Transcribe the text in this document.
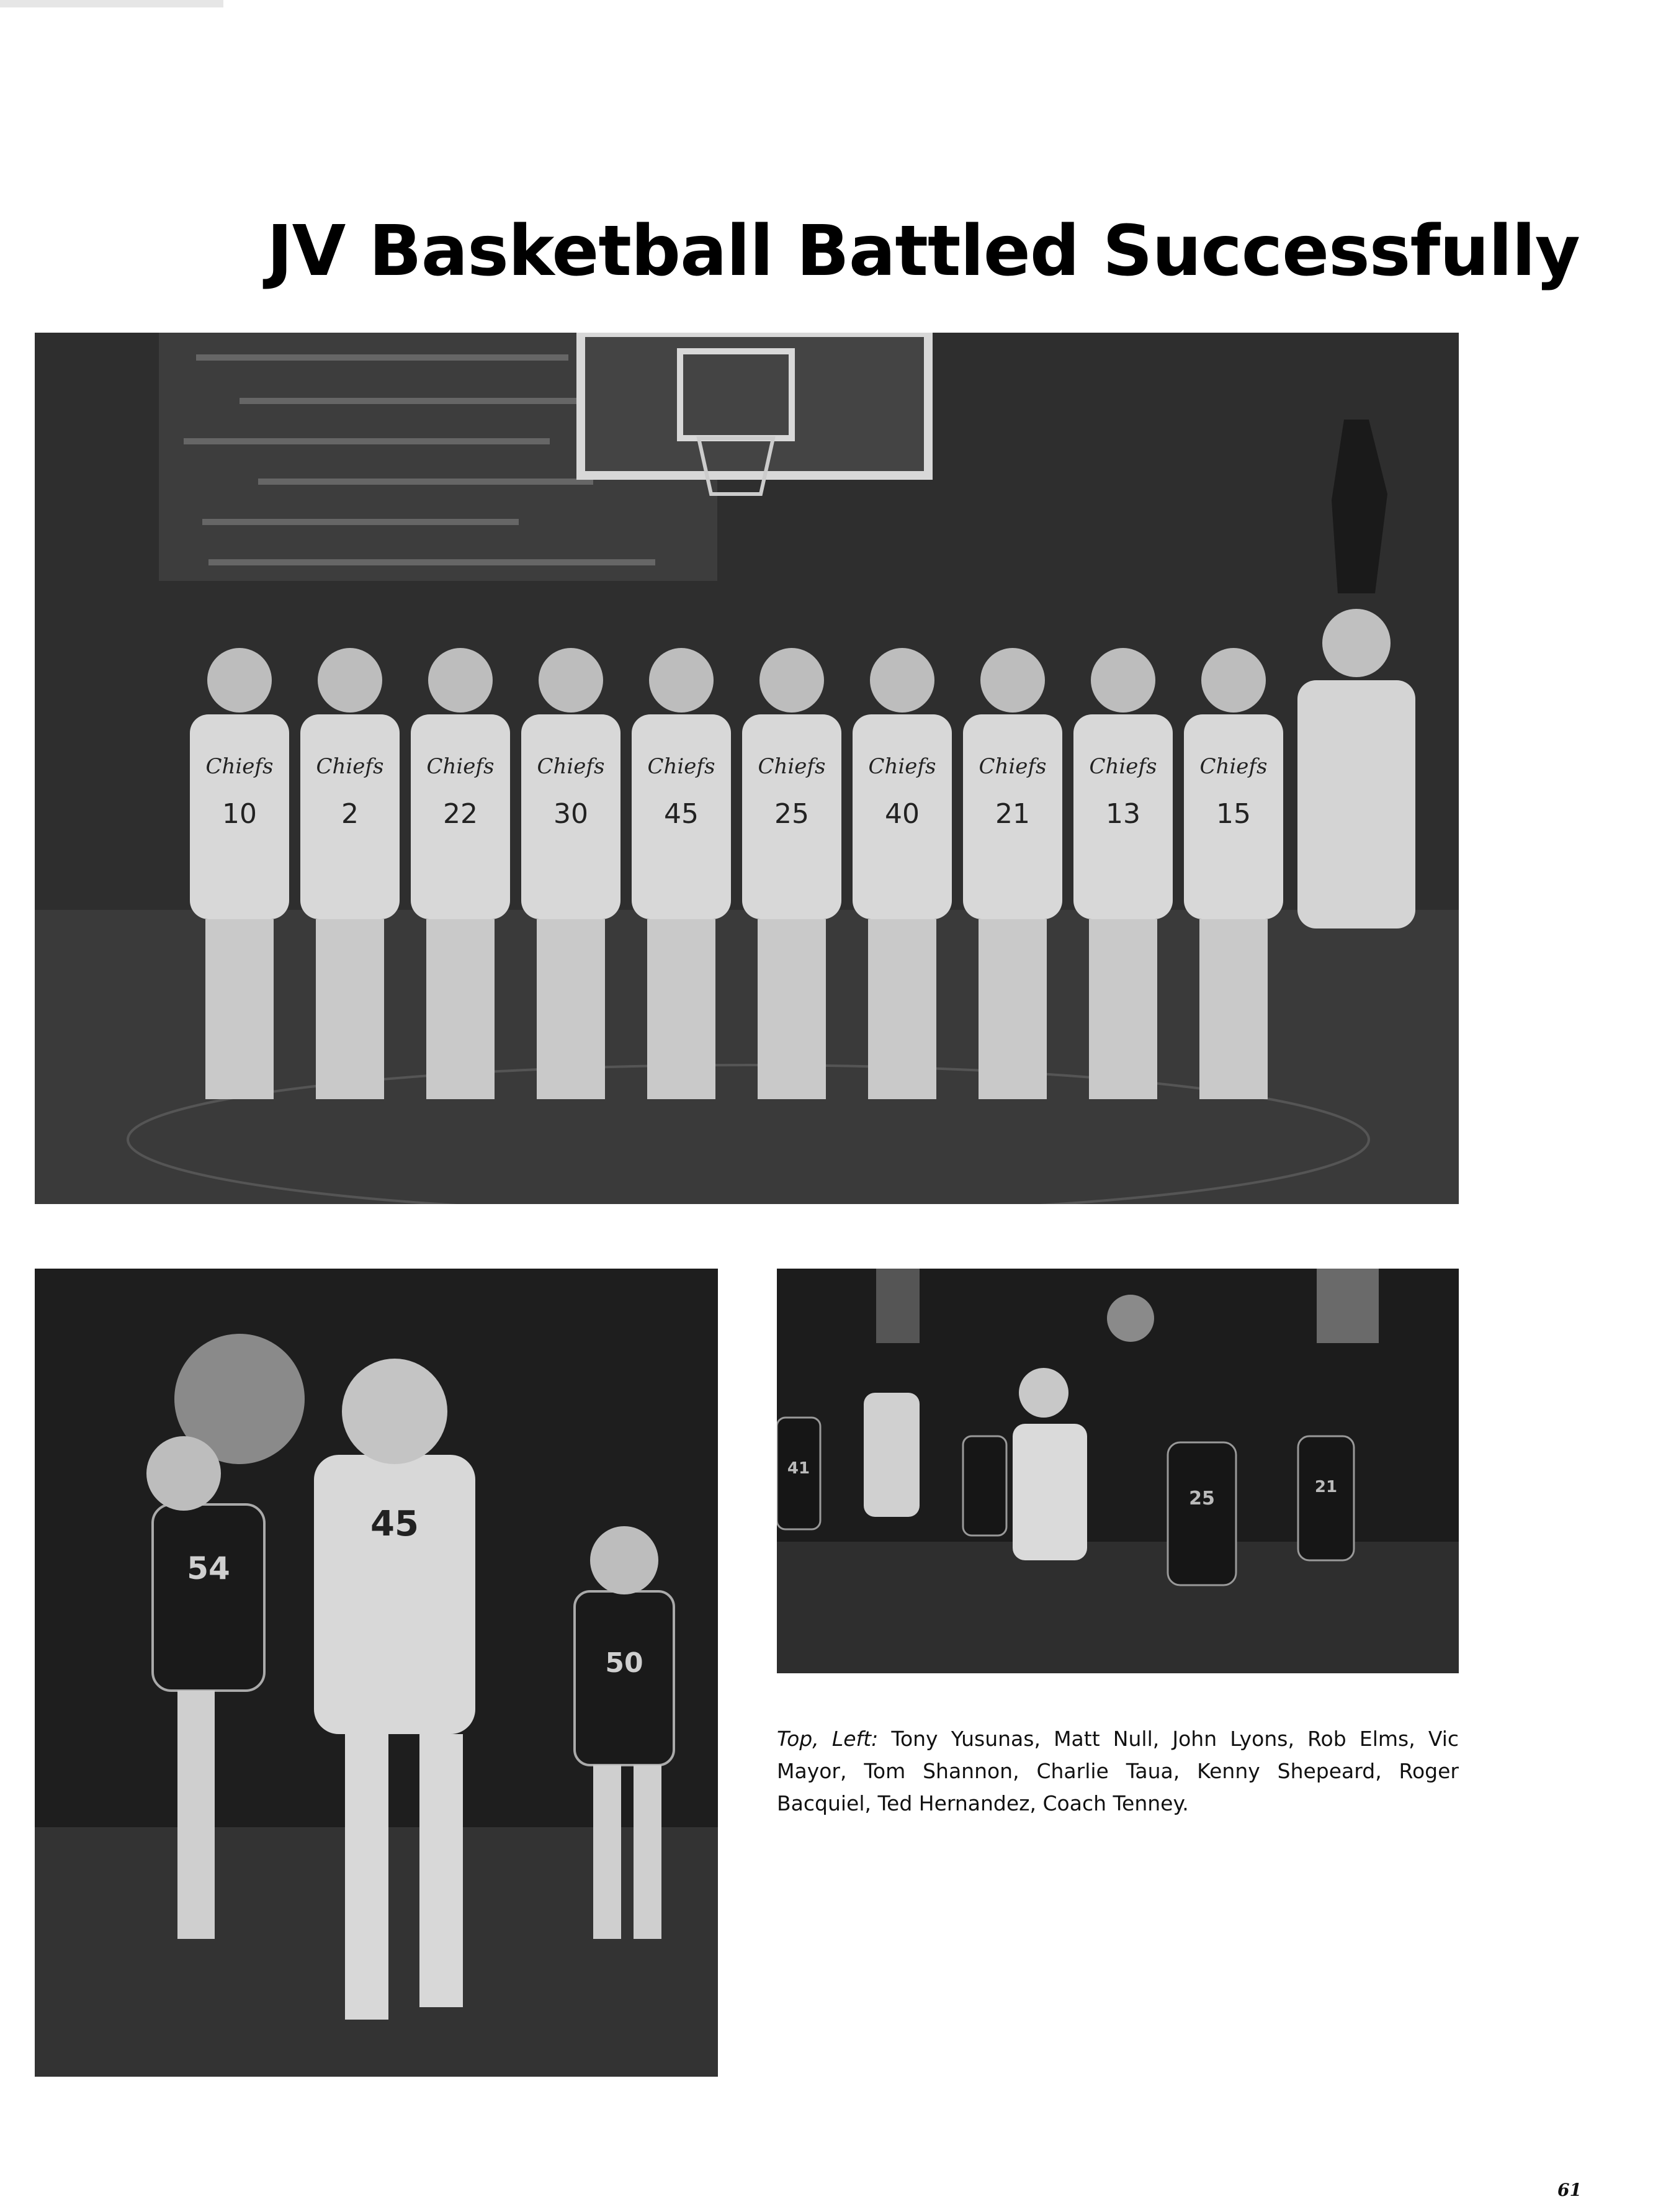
JV Basketball Battled Successfully
Chiefs
10
Chiefs
2
Chiefs
22
Chiefs
30
Chiefs
45
Chiefs
25
Chiefs
40
Chiefs
21
Chiefs
13
Chiefs
15
54
45
50
41
25
21

Top, Left: Tony Yusunas, Matt Null, John Lyons, Rob Elms, Vic Mayor, Tom Shannon, Charlie Taua, Kenny Shepeard, Roger Bacquiel, Ted Hernandez, Coach Tenney.

61
